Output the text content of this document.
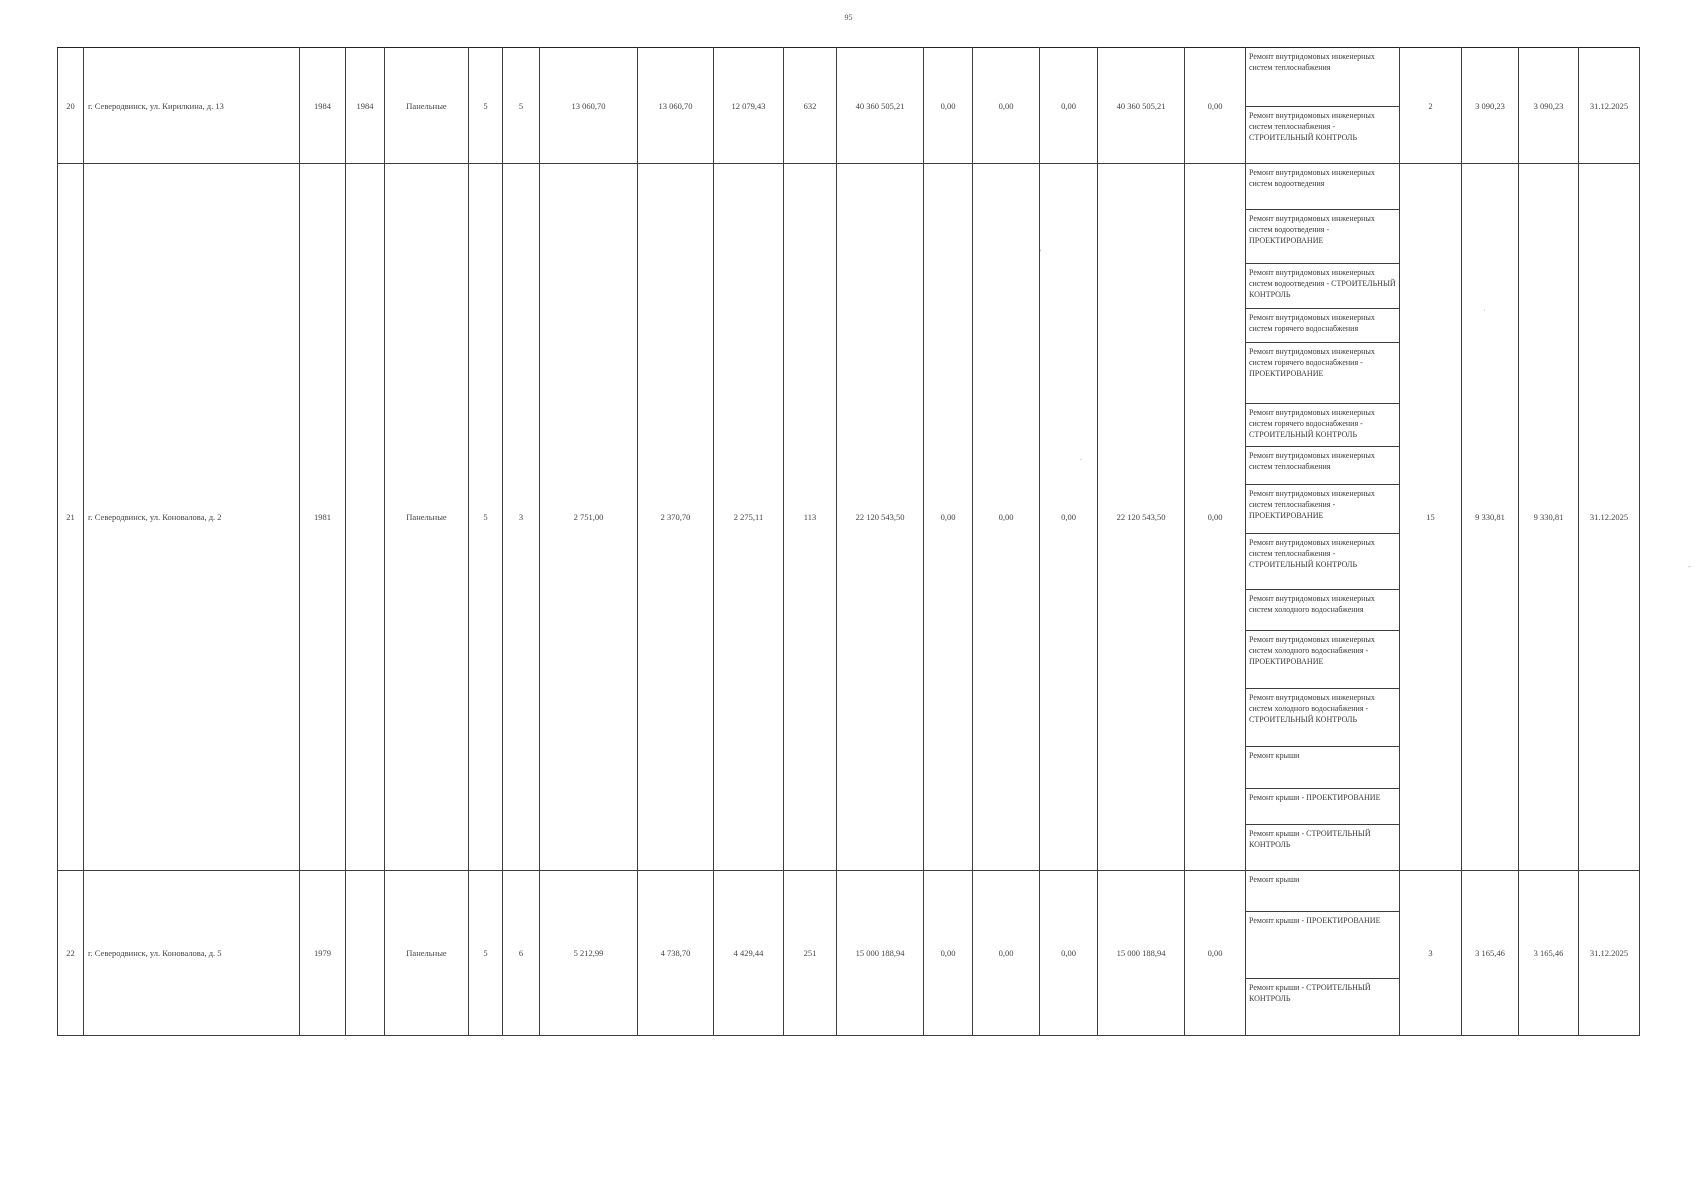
95
20	г. Северодвинск, ул. Кирилкина, д. 13	1984	1984	Панельные	5	5	13 060,70	13 060,70	12 079,43	632	40 360 505,21	0,00	0,00	0,00	40 360 505,21	0,00	Ремонт внутридомовых инженерных систем теплоснабжения	2	3 090,23	3 090,23	31.12.2025
																	Ремонт внутридомовых инженерных систем теплоснабжения - СТРОИТЕЛЬНЫЙ КОНТРОЛЬ				
21	г. Северодвинск, ул. Коновалова, д. 2	1981		Панельные	5	3	2 751,00	2 370,70	2 275,11	113	22 120 543,50	0,00	0,00	0,00	22 120 543,50	0,00	Ремонт внутридомовых инженерных систем водоотведения	15	9 330,81	9 330,81	31.12.2025
																	Ремонт внутридомовых инженерных систем водоотведения - ПРОЕКТИРОВАНИЕ				
																	Ремонт внутридомовых инженерных систем водоотведения - СТРОИТЕЛЬНЫЙ КОНТРОЛЬ				
																	Ремонт внутридомовых инженерных систем горячего водоснабжения				
																	Ремонт внутридомовых инженерных систем горячего водоснабжения - ПРОЕКТИРОВАНИЕ				
																	Ремонт внутридомовых инженерных систем горячего водоснабжения - СТРОИТЕЛЬНЫЙ КОНТРОЛЬ				
																	Ремонт внутридомовых инженерных систем теплоснабжения				
																	Ремонт внутридомовых инженерных систем теплоснабжения - ПРОЕКТИРОВАНИЕ				
																	Ремонт внутридомовых инженерных систем теплоснабжения - СТРОИТЕЛЬНЫЙ КОНТРОЛЬ				
																	Ремонт внутридомовых инженерных систем холодного водоснабжения				
																	Ремонт внутридомовых инженерных систем холодного водоснабжения - ПРОЕКТИРОВАНИЕ				
																	Ремонт внутридомовых инженерных систем холодного водоснабжения - СТРОИТЕЛЬНЫЙ КОНТРОЛЬ				
																	Ремонт крыши				
																	Ремонт крыши - ПРОЕКТИРОВАНИЕ				
																	Ремонт крыши - СТРОИТЕЛЬНЫЙ КОНТРОЛЬ				
22	г. Северодвинск, ул. Коновалова, д. 5	1979		Панельные	5	6	5 212,99	4 738,70	4 429,44	251	15 000 188,94	0,00	0,00	0,00	15 000 188,94	0,00	Ремонт крыши	3	3 165,46	3 165,46	31.12.2025
																	Ремонт крыши - ПРОЕКТИРОВАНИЕ				
																	Ремонт крыши - СТРОИТЕЛЬНЫЙ КОНТРОЛЬ				
'
.
-
·
